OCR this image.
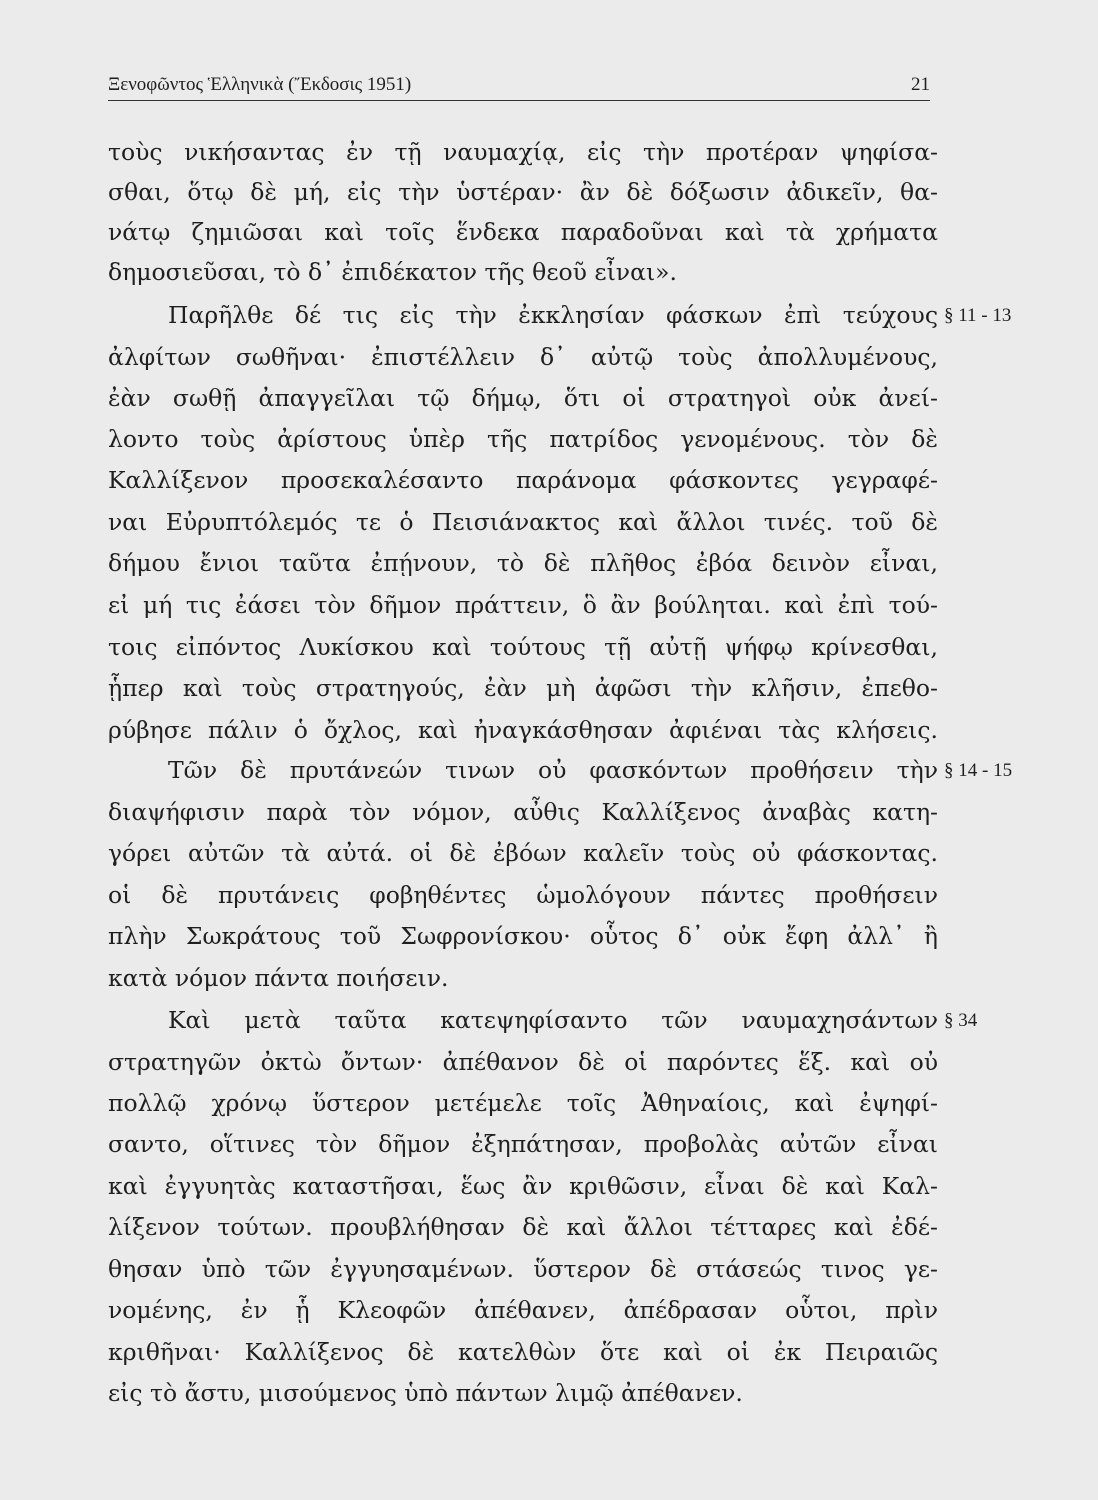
Ξενοφῶντος Ἑλληνικὰ (Ἔκδοσις 1951)	21
τοὺς νικήσαντας ἐν τῇ ναυμαχίᾳ, εἰς τὴν προτέραν ψηφίσα-
σθαι, ὅτῳ δὲ μή, εἰς τὴν ὑστέραν· ἂν δὲ δόξωσιν ἀδικεῖν, θα-
νάτῳ ζημιῶσαι καὶ τοῖς ἕνδεκα παραδοῦναι καὶ τὰ χρήματα
δημοσιεῦσαι, τὸ δ᾿ ἐπιδέκατον τῆς θεοῦ εἶναι».
Παρῆλθε δέ τις εἰς τὴν ἐκκλησίαν φάσκων ἐπὶ τεύχους
ἀλφίτων σωθῆναι· ἐπιστέλλειν δ᾿ αὐτῷ τοὺς ἀπολλυμένους,
ἐὰν σωθῇ ἀπαγγεῖλαι τῷ δήμῳ, ὅτι οἱ στρατηγοὶ οὐκ ἀνεί-
λοντο τοὺς ἀρίστους ὑπὲρ τῆς πατρίδος γενομένους. τὸν δὲ
Καλλίξενον προσεκαλέσαντο παράνομα φάσκοντες γεγραφέ-
ναι Εὐρυπτόλεμός τε ὁ Πεισιάνακτος καὶ ἄλλοι τινές. τοῦ δὲ
δήμου ἔνιοι ταῦτα ἐπῄνουν, τὸ δὲ πλῆθος ἐβόα δεινὸν εἶναι,
εἰ μή τις ἐάσει τὸν δῆμον πράττειν, ὃ ἂν βούληται. καὶ ἐπὶ τού-
τοις εἰπόντος Λυκίσκου καὶ τούτους τῇ αὐτῇ ψήφῳ κρίνεσθαι,
ᾗπερ καὶ τοὺς στρατηγούς, ἐὰν μὴ ἀφῶσι τὴν κλῆσιν, ἐπεθο-
ρύβησε πάλιν ὁ ὄχλος, καὶ ἠναγκάσθησαν ἀφιέναι τὰς κλήσεις.
Τῶν δὲ πρυτάνεών τινων οὐ φασκόντων προθήσειν τὴν
διαψήφισιν παρὰ τὸν νόμον, αὖθις Καλλίξενος ἀναβὰς κατη-
γόρει αὐτῶν τὰ αὐτά. οἱ δὲ ἐβόων καλεῖν τοὺς οὐ φάσκοντας.
οἱ δὲ πρυτάνεις φοβηθέντες ὡμολόγουν πάντες προθήσειν
πλὴν Σωκράτους τοῦ Σωφρονίσκου· οὗτος δ᾿ οὐκ ἔφη ἀλλ᾿ ἢ
κατὰ νόμον πάντα ποιήσειν.
Καὶ μετὰ ταῦτα κατεψηφίσαντο τῶν ναυμαχησάντων
στρατηγῶν ὀκτὼ ὄντων· ἀπέθανον δὲ οἱ παρόντες ἕξ. καὶ οὐ
πολλῷ χρόνῳ ὕστερον μετέμελε τοῖς Ἀθηναίοις, καὶ ἐψηφί-
σαντο, οἵτινες τὸν δῆμον ἐξηπάτησαν, προβολὰς αὐτῶν εἶναι
καὶ ἐγγυητὰς καταστῆσαι, ἕως ἂν κριθῶσιν, εἶναι δὲ καὶ Καλ-
λίξενον τούτων. προυβλήθησαν δὲ καὶ ἄλλοι τέτταρες καὶ ἐδέ-
θησαν ὑπὸ τῶν ἐγγυησαμένων. ὕστερον δὲ στάσεώς τινος γε-
νομένης, ἐν ᾗ Κλεοφῶν ἀπέθανεν, ἀπέδρασαν οὗτοι, πρὶν
κριθῆναι· Καλλίξενος δὲ κατελθὼν ὅτε καὶ οἱ ἐκ Πειραιῶς
εἰς τὸ ἄστυ, μισούμενος ὑπὸ πάντων λιμῷ ἀπέθανεν.
§ 11 - 13
§ 14 - 15
§ 34
